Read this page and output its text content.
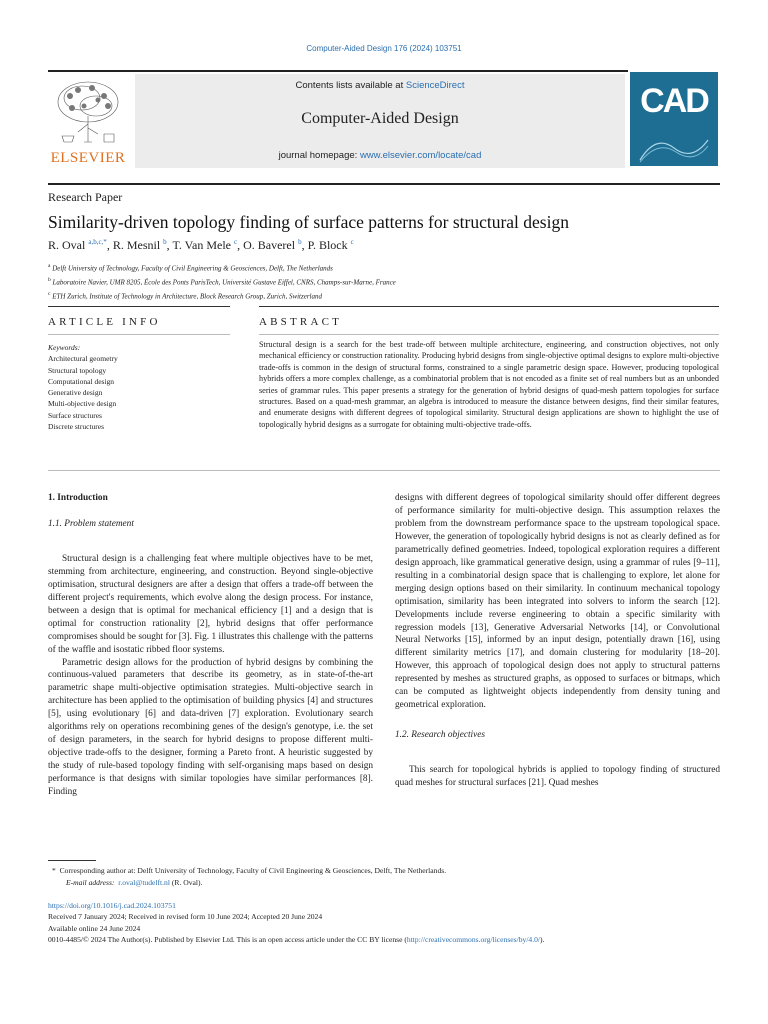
Computer-Aided Design 176 (2024) 103751
ELSEVIER
Contents lists available at ScienceDirect
Computer-Aided Design
journal homepage: www.elsevier.com/locate/cad
CAD
Research Paper
Similarity-driven topology finding of surface patterns for structural design
R. Oval $^{a,b,c,*}$, R. Mesnil $^b$, T. Van Mele $^c$, O. Baverel $^b$, P. Block $^c$
$^a$ Delft University of Technology, Faculty of Civil Engineering & Geosciences, Delft, The Netherlands
$^b$ Laboratoire Navier, UMR 8205, École des Ponts ParisTech, Université Gustave Eiffel, CNRS, Champs-sur-Marne, France
$^c$ ETH Zurich, Institute of Technology in Architecture, Block Research Group, Zurich, Switzerland
ARTICLE INFO	ABSTRACT
Keywords:
Architectural geometry
Structural topology
Computational design
Generative design
Multi-objective design
Surface structures
Discrete structures
Structural design is a search for the best trade-off between multiple architecture, engineering, and construction objectives, not only mechanical efficiency or construction rationality. Producing hybrid designs from single-objective optimal designs to explore multi-objective trade-offs is common in the design of structural forms, constrained to a single parametric design space. However, producing topological hybrids offers a more complex challenge, as a combinatorial problem that is not encoded as a finite set of real numbers but as an unbonded series of grammar rules. This paper presents a strategy for the generation of hybrid designs of quad-mesh pattern topologies for surface structures. Based on a quad-mesh grammar, an algebra is introduced to measure the distance between designs, find their similar features, and enumerate designs with different degrees of topological similarity. Structural design applications are shown to highlight the use of topologically hybrid designs as a surrogate for obtaining multi-objective trade-offs.
1. Introduction
1.1. Problem statement

Structural design is a challenging feat where multiple objectives have to be met, stemming from architecture, engineering, and construction. Beyond single-objective optimisation, structural designers are after a design that offers a trade-off between the different project's requirements, which evolve along the design process. For instance, between a design that is optimal for mechanical efficiency [1] and a design that is optimal for construction rationality [2], hybrid designs that offer performance compromises should be sought for [3]. Fig. 1 illustrates this challenge with the patterns of the waffle and isostatic ribbed floor systems.

Parametric design allows for the production of hybrid designs by combining the continuous-valued parameters that describe its geometry, as in state-of-the-art parametric shape multi-objective optimisation strategies. Multi-objective search in architecture has been applied to the optimisation of building physics [4] and structures [5], using evolutionary [6] and data-driven [7] exploration. Evolutionary search algorithms rely on operations recombining genes of the design's genotype, i.e. the set of design parameters, in the search for hybrid designs to propose different multi-objective trade-offs to the designer, forming a Pareto front. A heuristic suggested by the study of rule-based topology finding with self-organising maps based on design performance is that designs with similar topologies have similar performances [8]. Finding

designs with different degrees of topological similarity should offer different degrees of performance similarity for multi-objective design. This assumption relaxes the problem from the downstream performance space to the upstream topological space. However, the generation of topologically hybrid designs is not as clearly defined as for parametrically defined geometries. Indeed, topological exploration requires a different design approach, like grammatical generative design, using a grammar of rules [9–11], resulting in a combinatorial design space that is challenging to explore, let alone for merging design options based on their similarity. In continuum mechanical topology optimisation, similarity has been integrated into solvers to inform the search [12]. Developments include reverse engineering to obtain a specific similarity with regression models [13], Generative Adversarial Networks [14], or Convolutional Neural Networks [15], informed by an input design, potentially drawn [16], using different similarity metrics [17], and domain clustering for modularity [18–20]. However, this approach of topological design does not apply to structural patterns represented by meshes as structured graphs, as opposed to surfaces or bitmaps, which can be computed as lightweight objects independently from density tuning and geometrical exploration.

1.2. Research objectives

This search for topological hybrids is applied to topology finding of structured quad meshes for structural surfaces [21]. Quad meshes

* Corresponding author at: Delft University of Technology, Faculty of Civil Engineering & Geosciences, Delft, The Netherlands.
E-mail address: r.oval@tudelft.nl (R. Oval).
https://doi.org/10.1016/j.cad.2024.103751
Received 7 January 2024; Received in revised form 10 June 2024; Accepted 20 June 2024
Available online 24 June 2024
0010-4485/© 2024 The Author(s). Published by Elsevier Ltd. This is an open access article under the CC BY license (http://creativecommons.org/licenses/by/4.0/).
